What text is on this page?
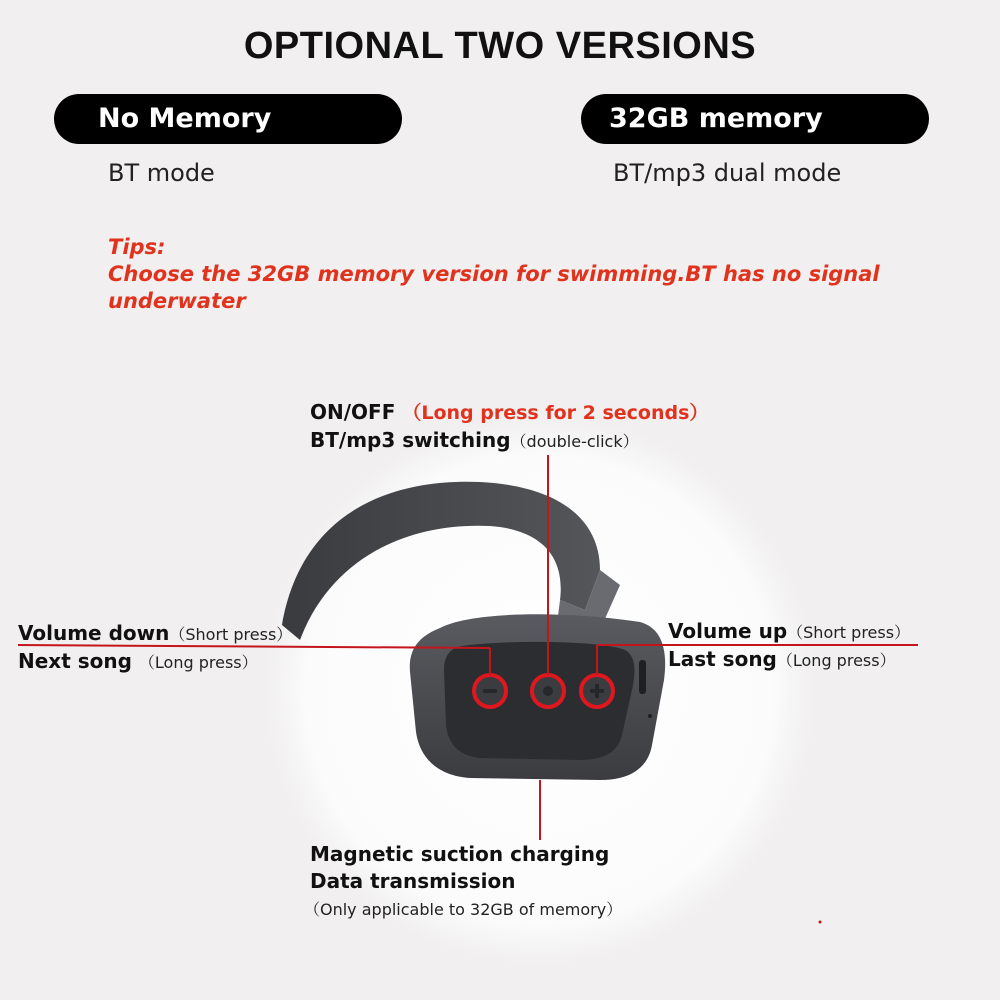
OPTIONAL TWO VERSIONS
No Memory	32GB memory
BT mode	BT/mp3 dual mode
Tips:
Choose the 32GB memory version for swimming.BT has no signal underwater
ON/OFF （Long press for 2 seconds）
BT/mp3 switching（double-click）
Volume down（Short press）
Next song （Long press）
Volume up（Short press）
Last song（Long press）
Magnetic suction charging
Data transmission
（Only applicable to 32GB of memory）
